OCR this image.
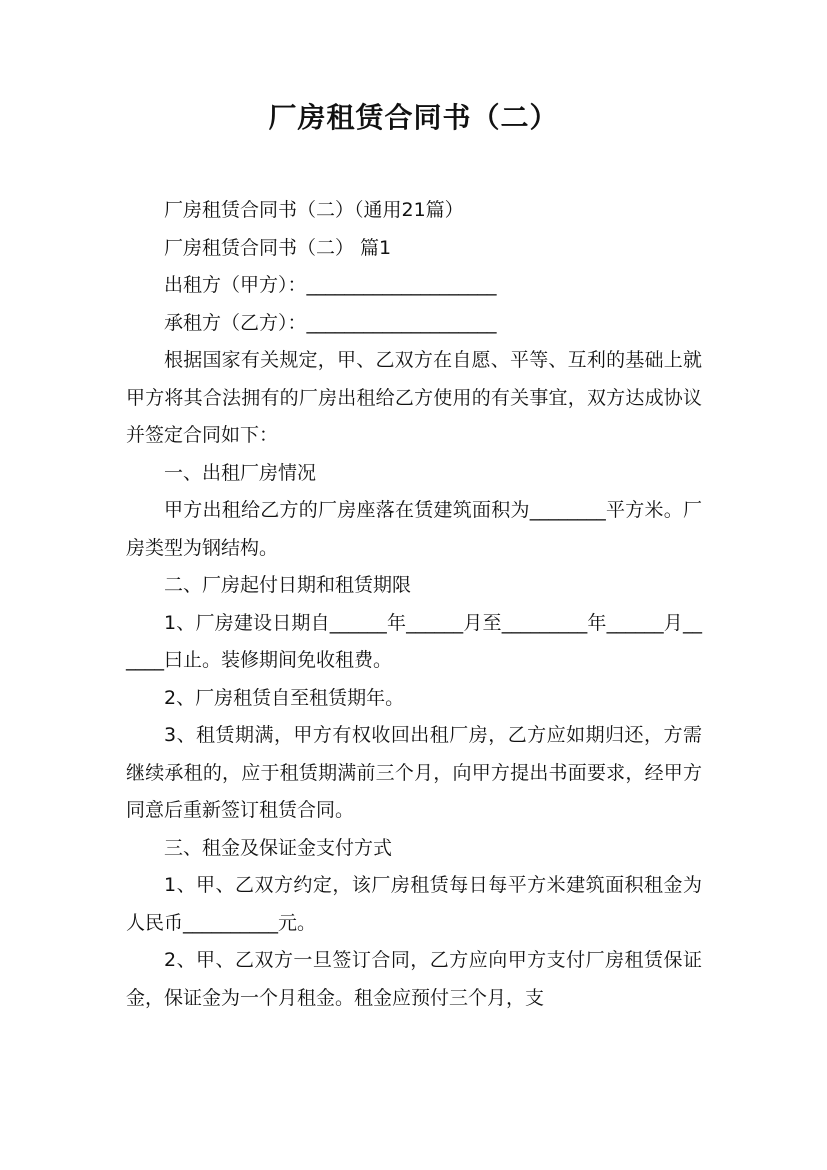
厂房租赁合同书（二）

厂房租赁合同书（二）（通用21篇）

厂房租赁合同书（二） 篇1

出租方（甲方）：____________________

承租方（乙方）：____________________

根据国家有关规定，甲、乙双方在自愿、平等、互利的基础上就甲方将其合法拥有的厂房出租给乙方使用的有关事宜，双方达成协议并签定合同如下：

一、出租厂房情况

甲方出租给乙方的厂房座落在赁建筑面积为________平方米。厂房类型为钢结构。

二、厂房起付日期和租赁期限

1、厂房建设日期自______年______月至_________年______月______曰止。装修期间免收租费。

2、厂房租赁自至租赁期年。

3、租赁期满，甲方有权收回出租厂房，乙方应如期归还，方需继续承租的，应于租赁期满前三个月，向甲方提出书面要求，经甲方同意后重新签订租赁合同。

三、租金及保证金支付方式

1、甲、乙双方约定，该厂房租赁每日每平方米建筑面积租金为人民币__________元。

2、甲、乙双方一旦签订合同，乙方应向甲方支付厂房租赁保证金，保证金为一个月租金。租金应预付三个月，支
